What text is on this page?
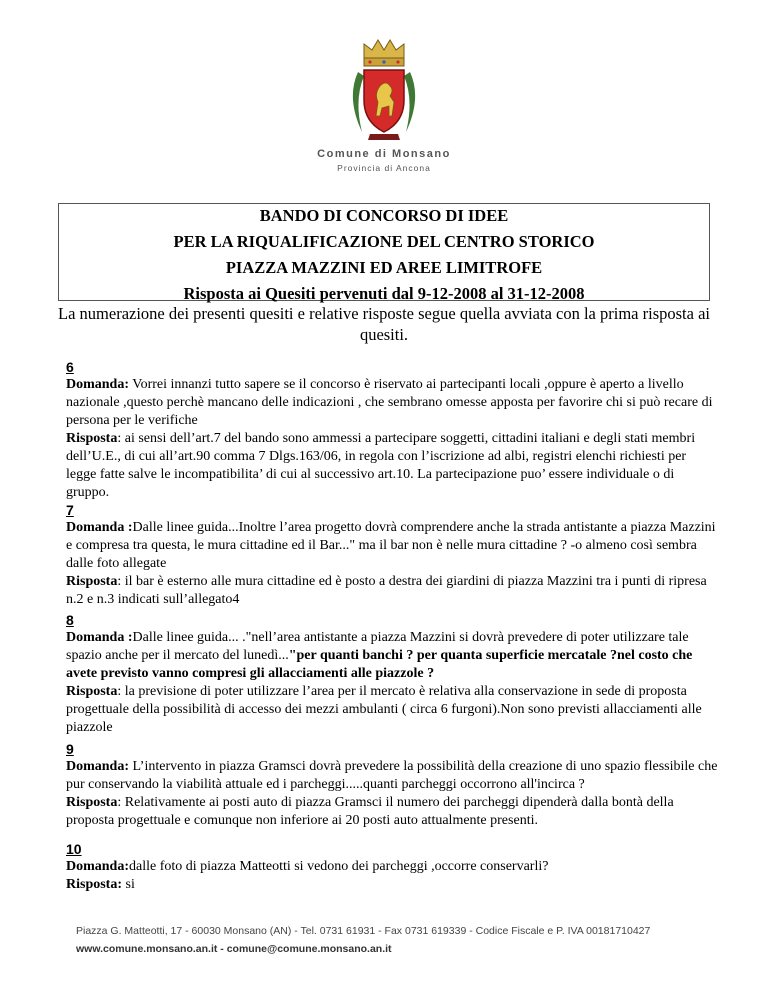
Comune di Monsano
Provincia di Ancona
BANDO DI CONCORSO DI IDEE
PER LA RIQUALIFICAZIONE DEL CENTRO STORICO
PIAZZA MAZZINI ED AREE LIMITROFE
Risposta ai Quesiti pervenuti dal 9-12-2008 al 31-12-2008
La numerazione dei presenti quesiti e relative risposte segue quella avviata con la prima risposta ai quesiti.
6
Domanda: Vorrei innanzi tutto sapere se il concorso è riservato ai partecipanti locali ,oppure è aperto a livello nazionale ,questo perchè mancano delle indicazioni , che sembrano omesse apposta per favorire chi si può recare di persona per le verifiche
Risposta: ai sensi dell’art.7 del bando sono ammessi a partecipare soggetti, cittadini italiani e degli stati membri dell’U.E., di cui all’art.90 comma 7 Dlgs.163/06, in regola con l’iscrizione ad albi, registri elenchi richiesti per legge fatte salve le incompatibilita’ di cui al successivo art.10. La partecipazione puo’ essere individuale o di gruppo.
7
Domanda :Dalle linee guida...Inoltre l’area progetto dovrà comprendere anche la strada antistante a piazza Mazzini e compresa tra questa, le mura cittadine ed il Bar..." ma il bar non è nelle mura cittadine ? -o almeno così sembra dalle foto allegate
Risposta: il bar è esterno alle mura cittadine ed è posto a destra dei giardini di piazza Mazzini tra i punti di ripresa n.2 e n.3 indicati sull’allegato4
8
Domanda :Dalle linee guida... ."nell’area antistante a piazza Mazzini si dovrà prevedere di poter utilizzare tale spazio anche per il mercato del lunedì..."per quanti banchi ? per quanta superficie mercatale ?nel costo che avete previsto vanno compresi gli allacciamenti alle piazzole ?
Risposta: la previsione di poter utilizzare l’area per il mercato è relativa alla conservazione in sede di proposta progettuale della possibilità di accesso dei mezzi ambulanti ( circa 6 furgoni).Non sono previsti allacciamenti alle piazzole
9
Domanda: L’intervento in piazza Gramsci dovrà prevedere la possibilità della creazione di uno spazio flessibile che pur conservando la viabilità attuale ed i parcheggi.....quanti parcheggi occorrono all'incirca ?
Risposta: Relativamente ai posti auto di piazza Gramsci il numero dei parcheggi dipenderà dalla bontà della proposta progettuale e comunque non inferiore ai 20 posti auto attualmente presenti.
10
Domanda:dalle foto di piazza Matteotti si vedono dei parcheggi ,occorre conservarli?
Risposta: si
Piazza G. Matteotti, 17 - 60030 Monsano (AN) - Tel. 0731 61931 - Fax 0731 619339 - Codice Fiscale e P. IVA 00181710427
www.comune.monsano.an.it - comune@comune.monsano.an.it
